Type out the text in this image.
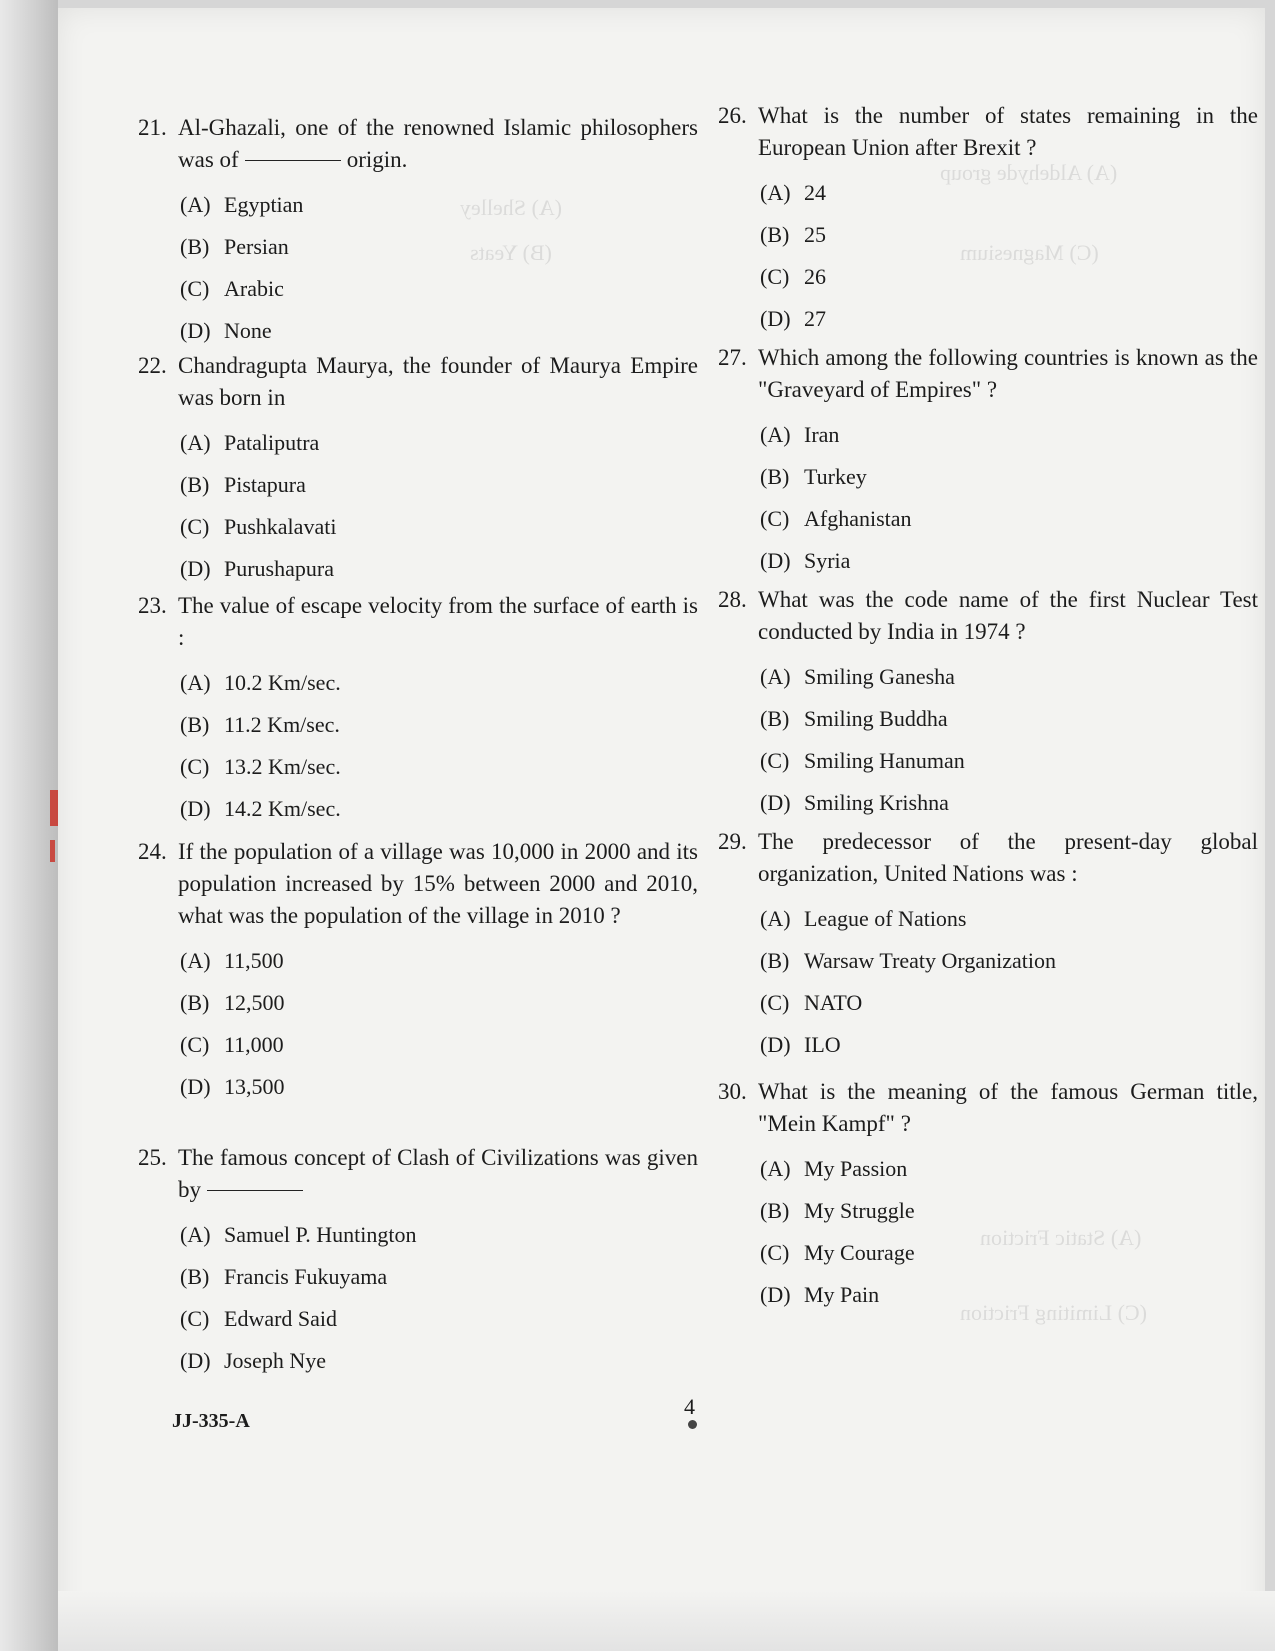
(A) Shelley
(B) Yeats
(A) Aldehyde group
(C) Magnesium
(A) Static Friction
(C) Limiting Friction
21. Al-Ghazali, one of the renowned Islamic philosophers was of	origin.
(A) Egyptian
(B) Persian
(C) Arabic
(D) None
22. Chandragupta Maurya, the founder of Maurya Empire was born in
(A) Pataliputra
(B) Pistapura
(C) Pushkalavati
(D) Purushapura
23. The value of escape velocity from the surface of earth is :
(A) 10.2 Km/sec.
(B) 11.2 Km/sec.
(C) 13.2 Km/sec.
(D) 14.2 Km/sec.
24. If the population of a village was 10,000 in 2000 and its population increased by 15% between 2000 and 2010, what was the population of the village in 2010 ?
(A) 11,500
(B) 12,500
(C) 11,000
(D) 13,500
25. The famous concept of Clash of Civilizations was given by
(A) Samuel P. Huntington
(B) Francis Fukuyama
(C) Edward Said
(D) Joseph Nye
26. What is the number of states remaining in the European Union after Brexit ?
(A) 24
(B) 25
(C) 26
(D) 27
27. Which among the following countries is known as the "Graveyard of Empires" ?
(A) Iran
(B) Turkey
(C) Afghanistan
(D) Syria
28. What was the code name of the first Nuclear Test conducted by India in 1974 ?
(A) Smiling Ganesha
(B) Smiling Buddha
(C) Smiling Hanuman
(D) Smiling Krishna
29. The predecessor of the present-day global organization, United Nations was :
(A) League of Nations
(B) Warsaw Treaty Organization
(C) NATO
(D) ILO
30. What is the meaning of the famous German title, "Mein Kampf" ?
(A) My Passion
(B) My Struggle
(C) My Courage
(D) My Pain
JJ-335-A
4
